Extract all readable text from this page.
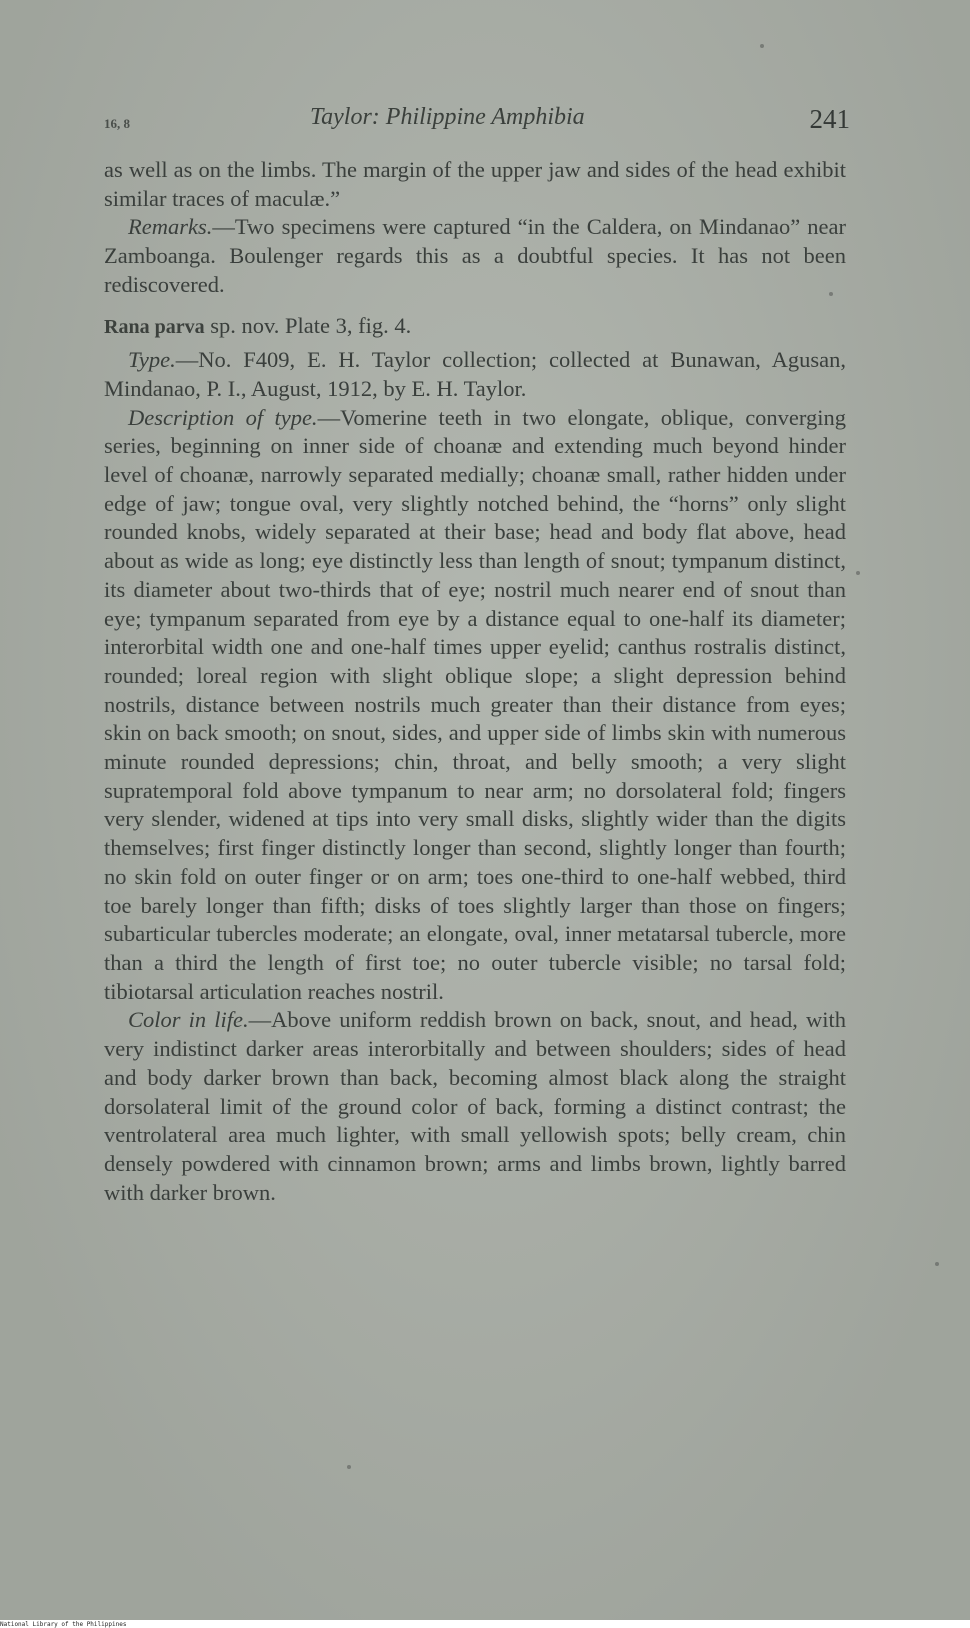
16, 8	Taylor: Philippine Amphibia	241

as well as on the limbs. The margin of the upper jaw and sides of the head exhibit similar traces of maculæ.”

Remarks.—Two specimens were captured “in the Caldera, on Mindanao” near Zamboanga. Boulenger regards this as a doubtful species. It has not been rediscovered.

Rana parva sp. nov. Plate 3, fig. 4.

Type.—No. F409, E. H. Taylor collection; collected at Bunawan, Agusan, Mindanao, P. I., August, 1912, by E. H. Taylor.

Description of type.—Vomerine teeth in two elongate, oblique, converging series, beginning on inner side of choanæ and extending much beyond hinder level of choanæ, narrowly separated medially; choanæ small, rather hidden under edge of jaw; tongue oval, very slightly notched behind, the “horns” only slight rounded knobs, widely separated at their base; head and body flat above, head about as wide as long; eye distinctly less than length of snout; tympanum distinct, its diameter about two-thirds that of eye; nostril much nearer end of snout than eye; tympanum separated from eye by a distance equal to one-half its diameter; interorbital width one and one-half times upper eyelid; canthus rostralis distinct, rounded; loreal region with slight oblique slope; a slight depression behind nostrils, distance between nostrils much greater than their distance from eyes; skin on back smooth; on snout, sides, and upper side of limbs skin with numerous minute rounded depressions; chin, throat, and belly smooth; a very slight supratemporal fold above tympanum to near arm; no dorsolateral fold; fingers very slender, widened at tips into very small disks, slightly wider than the digits themselves; first finger distinctly longer than second, slightly longer than fourth; no skin fold on outer finger or on arm; toes one-third to one-half webbed, third toe barely longer than fifth; disks of toes slightly larger than those on fingers; subarticular tubercles moderate; an elongate, oval, inner metatarsal tubercle, more than a third the length of first toe; no outer tubercle visible; no tarsal fold; tibiotarsal articulation reaches nostril.

Color in life.—Above uniform reddish brown on back, snout, and head, with very indistinct darker areas interorbitally and between shoulders; sides of head and body darker brown than back, becoming almost black along the straight dorsolateral limit of the ground color of back, forming a distinct contrast; the ventrolateral area much lighter, with small yellowish spots; belly cream, chin densely powdered with cinnamon brown; arms and limbs brown, lightly barred with darker brown.

National Library of the Philippines
